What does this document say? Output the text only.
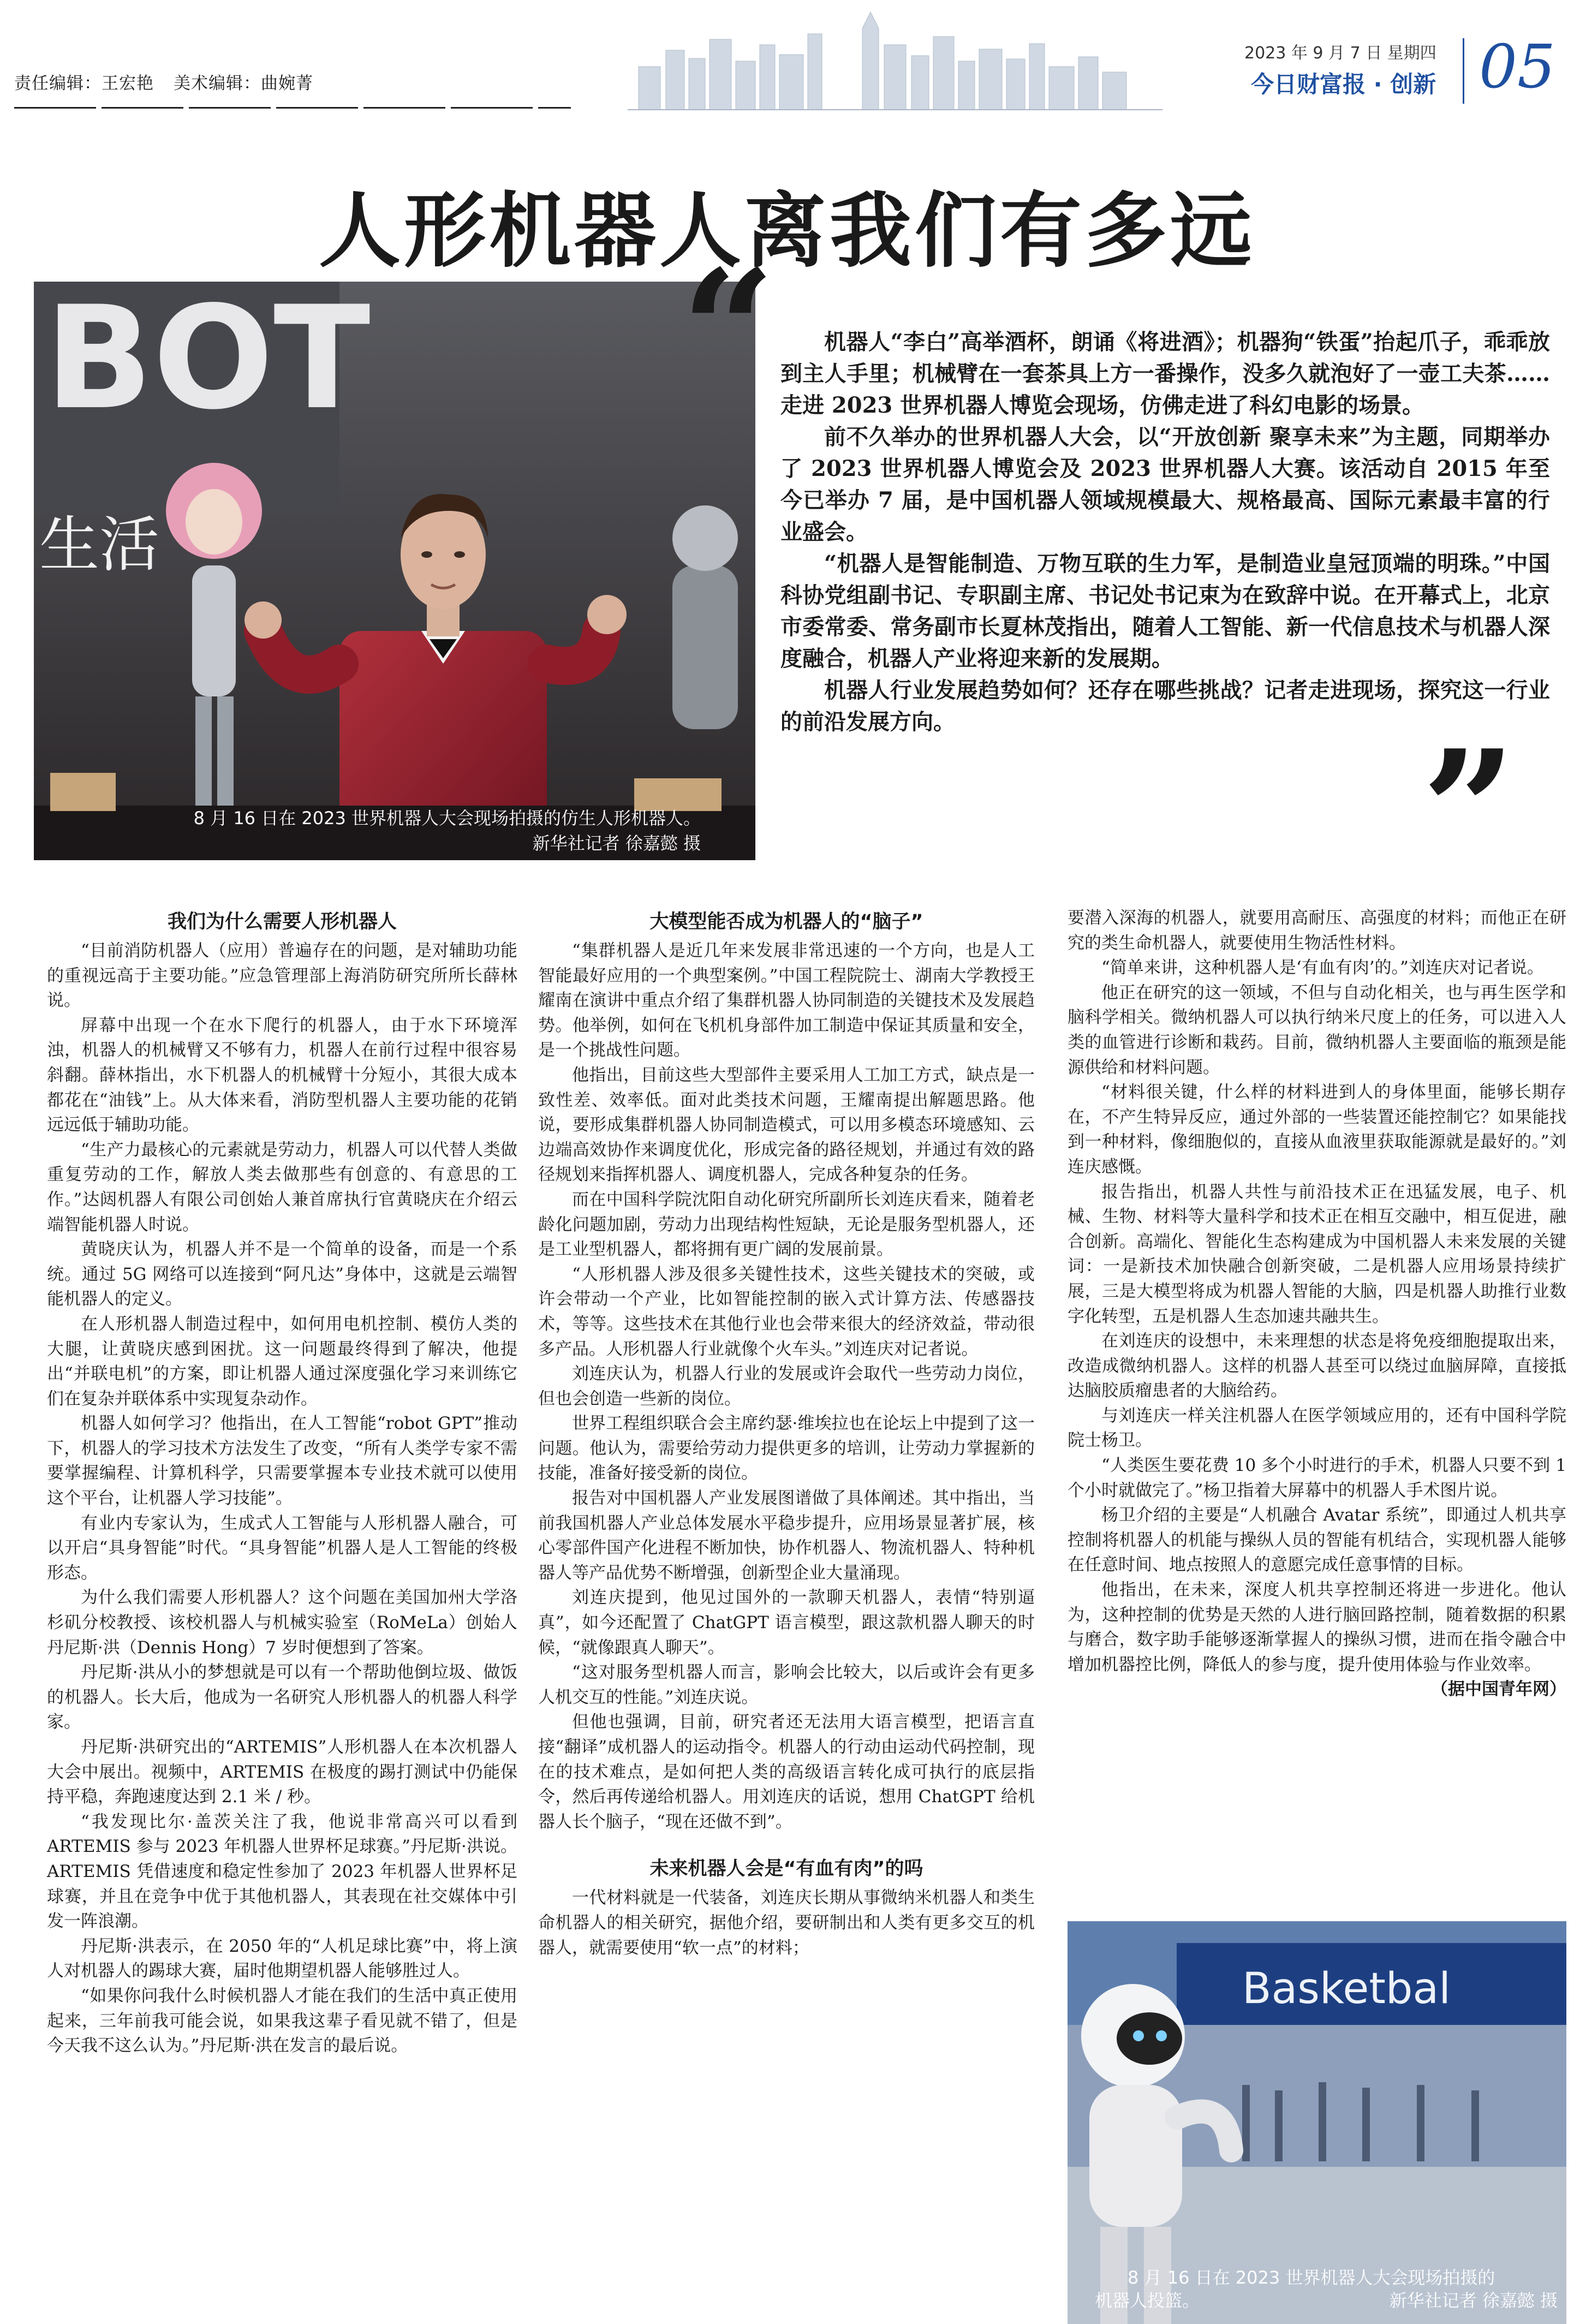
责任编辑：王宏艳 美术编辑：曲婉菁
2023 年 9 月 7 日 星期四
今日财富报 · 创新 05
人形机器人离我们有多远
BOT
生活
8 月 16 日在 2023 世界机器人大会现场拍摄的仿生人形机器人。
新华社记者 徐嘉懿 摄
“	机器人“李白”高举酒杯，朗诵《将进酒》；机器狗“铁蛋”抬起爪子，乖乖放到主人手里；机械臂在一套茶具上方一番操作，没多久就泡好了一壶工夫茶……走进 2023 世界机器人博览会现场，仿佛走进了科幻电影的场景。

前不久举办的世界机器人大会，以“开放创新 聚享未来”为主题，同期举办了 2023 世界机器人博览会及 2023 世界机器人大赛。该活动自 2015 年至今已举办 7 届，是中国机器人领域规模最大、规格最高、国际元素最丰富的行业盛会。

“机器人是智能制造、万物互联的生力军，是制造业皇冠顶端的明珠。”中国科协党组副书记、专职副主席、书记处书记束为在致辞中说。在开幕式上，北京市委常委、常务副市长夏林茂指出，随着人工智能、新一代信息技术与机器人深度融合，机器人产业将迎来新的发展期。

机器人行业发展趋势如何？还存在哪些挑战？记者走进现场，探究这一行业的前沿发展方向。	”
我们为什么需要人形机器人

“目前消防机器人（应用）普遍存在的问题，是对辅助功能的重视远高于主要功能。”应急管理部上海消防研究所所长薛林说。

屏幕中出现一个在水下爬行的机器人，由于水下环境浑浊，机器人的机械臂又不够有力，机器人在前行过程中很容易斜翻。薛林指出，水下机器人的机械臂十分短小，其很大成本都花在“油钱”上。从大体来看，消防型机器人主要功能的花销远远低于辅助功能。

“生产力最核心的元素就是劳动力，机器人可以代替人类做重复劳动的工作，解放人类去做那些有创意的、有意思的工作。”达闼机器人有限公司创始人兼首席执行官黄晓庆在介绍云端智能机器人时说。

黄晓庆认为，机器人并不是一个简单的设备，而是一个系统。通过 5G 网络可以连接到“阿凡达”身体中，这就是云端智能机器人的定义。

在人形机器人制造过程中，如何用电机控制、模仿人类的大腿，让黄晓庆感到困扰。这一问题最终得到了解决，他提出“并联电机”的方案，即让机器人通过深度强化学习来训练它们在复杂并联体系中实现复杂动作。

机器人如何学习？他指出，在人工智能“robot GPT”推动下，机器人的学习技术方法发生了改变，“所有人类学专家不需要掌握编程、计算机科学，只需要掌握本专业技术就可以使用这个平台，让机器人学习技能”。

有业内专家认为，生成式人工智能与人形机器人融合，可以开启“具身智能”时代。“具身智能”机器人是人工智能的终极形态。

为什么我们需要人形机器人？这个问题在美国加州大学洛杉矶分校教授、该校机器人与机械实验室（RoMeLa）创始人丹尼斯·洪（Dennis Hong）7 岁时便想到了答案。

丹尼斯·洪从小的梦想就是可以有一个帮助他倒垃圾、做饭的机器人。长大后，他成为一名研究人形机器人的机器人科学家。

丹尼斯·洪研究出的“ARTEMIS”人形机器人在本次机器人大会中展出。视频中，ARTEMIS 在极度的踢打测试中仍能保持平稳，奔跑速度达到 2.1 米 / 秒。

“我发现比尔·盖茨关注了我，他说非常高兴可以看到 ARTEMIS 参与 2023 年机器人世界杯足球赛。”丹尼斯·洪说。ARTEMIS 凭借速度和稳定性参加了 2023 年机器人世界杯足球赛，并且在竞争中优于其他机器人，其表现在社交媒体中引发一阵浪潮。

丹尼斯·洪表示，在 2050 年的“人机足球比赛”中，将上演人对机器人的踢球大赛，届时他期望机器人能够胜过人。

“如果你问我什么时候机器人才能在我们的生活中真正使用起来，三年前我可能会说，如果我这辈子看见就不错了，但是今天我不这么认为。”丹尼斯·洪在发言的最后说。

大模型能否成为机器人的“脑子”

“集群机器人是近几年来发展非常迅速的一个方向，也是人工智能最好应用的一个典型案例。”中国工程院院士、湖南大学教授王耀南在演讲中重点介绍了集群机器人协同制造的关键技术及发展趋势。他举例，如何在飞机机身部件加工制造中保证其质量和安全，是一个挑战性问题。

他指出，目前这些大型部件主要采用人工加工方式，缺点是一致性差、效率低。面对此类技术问题，王耀南提出解题思路。他说，要形成集群机器人协同制造模式，可以用多模态环境感知、云边端高效协作来调度优化，形成完备的路径规划，并通过有效的路径规划来指挥机器人、调度机器人，完成各种复杂的任务。

而在中国科学院沈阳自动化研究所副所长刘连庆看来，随着老龄化问题加剧，劳动力出现结构性短缺，无论是服务型机器人，还是工业型机器人，都将拥有更广阔的发展前景。

“人形机器人涉及很多关键性技术，这些关键技术的突破，或许会带动一个产业，比如智能控制的嵌入式计算方法、传感器技术，等等。这些技术在其他行业也会带来很大的经济效益，带动很多产品。人形机器人行业就像个火车头。”刘连庆对记者说。

刘连庆认为，机器人行业的发展或许会取代一些劳动力岗位，但也会创造一些新的岗位。

世界工程组织联合会主席约瑟·维埃拉也在论坛上中提到了这一问题。他认为，需要给劳动力提供更多的培训，让劳动力掌握新的技能，准备好接受新的岗位。

报告对中国机器人产业发展图谱做了具体阐述。其中指出，当前我国机器人产业总体发展水平稳步提升，应用场景显著扩展，核心零部件国产化进程不断加快，协作机器人、物流机器人、特种机器人等产品优势不断增强，创新型企业大量涌现。

刘连庆提到，他见过国外的一款聊天机器人，表情“特别逼真”，如今还配置了 ChatGPT 语言模型，跟这款机器人聊天的时候，“就像跟真人聊天”。

“这对服务型机器人而言，影响会比较大，以后或许会有更多人机交互的性能。”刘连庆说。

但他也强调，目前，研究者还无法用大语言模型，把语言直接“翻译”成机器人的运动指令。机器人的行动由运动代码控制，现在的技术难点，是如何把人类的高级语言转化成可执行的底层指令，然后再传递给机器人。用刘连庆的话说，想用 ChatGPT 给机器人长个脑子，“现在还做不到”。

未来机器人会是“有血有肉”的吗

一代材料就是一代装备，刘连庆长期从事微纳米机器人和类生命机器人的相关研究，据他介绍，要研制出和人类有更多交互的机器人，就需要使用“软一点”的材料；

要潜入深海的机器人，就要用高耐压、高强度的材料；而他正在研究的类生命机器人，就要使用生物活性材料。

“简单来讲，这种机器人是‘有血有肉’的。”刘连庆对记者说。

他正在研究的这一领域，不但与自动化相关，也与再生医学和脑科学相关。微纳机器人可以执行纳米尺度上的任务，可以进入人类的血管进行诊断和栽药。目前，微纳机器人主要面临的瓶颈是能源供给和材料问题。

“材料很关键，什么样的材料进到人的身体里面，能够长期存在，不产生特异反应，通过外部的一些装置还能控制它？如果能找到一种材料，像细胞似的，直接从血液里获取能源就是最好的。”刘连庆感慨。

报告指出，机器人共性与前沿技术正在迅猛发展，电子、机械、生物、材料等大量科学和技术正在相互交融中，相互促进，融合创新。高端化、智能化生态构建成为中国机器人未来发展的关键词：一是新技术加快融合创新突破，二是机器人应用场景持续扩展，三是大模型将成为机器人智能的大脑，四是机器人助推行业数字化转型，五是机器人生态加速共融共生。

在刘连庆的设想中，未来理想的状态是将免疫细胞提取出来，改造成微纳机器人。这样的机器人甚至可以绕过血脑屏障，直接抵达脑胶质瘤患者的大脑给药。

与刘连庆一样关注机器人在医学领域应用的，还有中国科学院院士杨卫。

“人类医生要花费 10 多个小时进行的手术，机器人只要不到 1 个小时就做完了。”杨卫指着大屏幕中的机器人手术图片说。

杨卫介绍的主要是“人机融合 Avatar 系统”，即通过人机共享控制将机器人的机能与操纵人员的智能有机结合，实现机器人能够在任意时间、地点按照人的意愿完成任意事情的目标。

他指出，在未来，深度人机共享控制还将进一步进化。他认为，这种控制的优势是天然的人进行脑回路控制，随着数据的积累与磨合，数字助手能够逐渐掌握人的操纵习惯，进而在指令融合中增加机器控比例，降低人的参与度，提升使用体验与作业效率。

（据中国青年网）
Basketbal
8 月 16 日在 2023 世界机器人大会现场拍摄的
机器人投篮。	新华社记者 徐嘉懿 摄
